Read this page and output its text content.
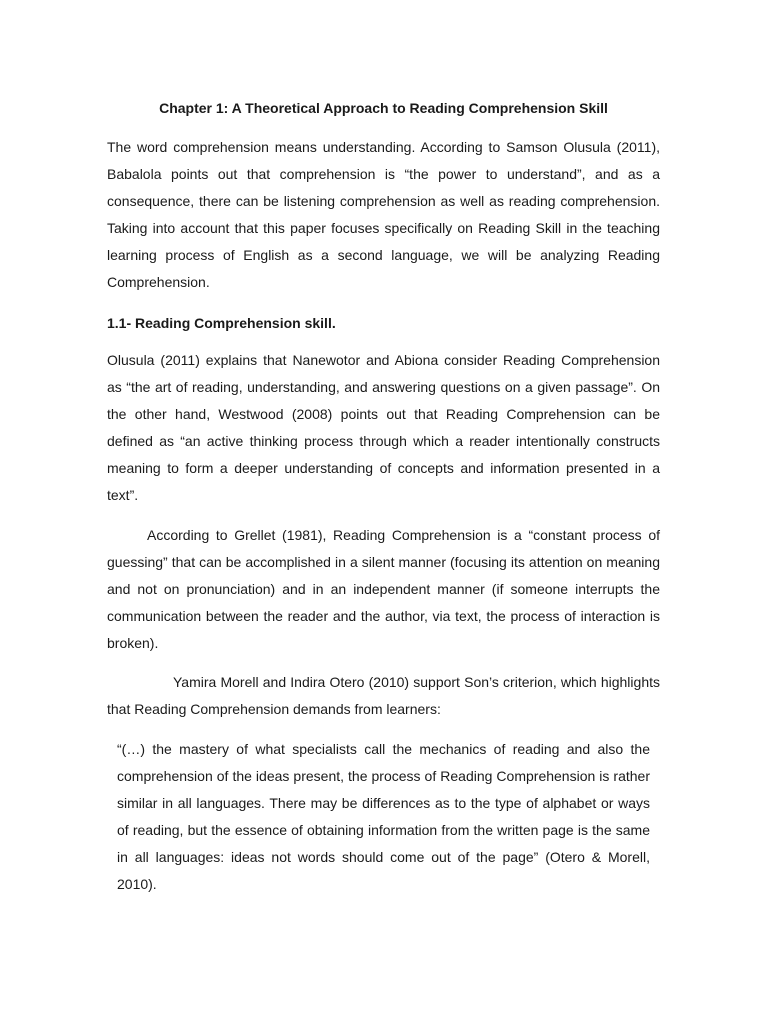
Chapter 1: A Theoretical Approach to Reading Comprehension Skill

The word comprehension means understanding. According to Samson Olusula (2011), Babalola points out that comprehension is “the power to understand”, and as a consequence, there can be listening comprehension as well as reading comprehension. Taking into account that this paper focuses specifically on Reading Skill in the teaching learning process of English as a second language, we will be analyzing Reading Comprehension.

1.1- Reading Comprehension skill.

Olusula (2011) explains that Nanewotor and Abiona consider Reading Comprehension as “the art of reading, understanding, and answering questions on a given passage”. On the other hand, Westwood (2008) points out that Reading Comprehension can be defined as “an active thinking process through which a reader intentionally constructs meaning to form a deeper understanding of concepts and information presented in a text”.

According to Grellet (1981), Reading Comprehension is a “constant process of guessing” that can be accomplished in a silent manner (focusing its attention on meaning and not on pronunciation) and in an independent manner (if someone interrupts the communication between the reader and the author, via text, the process of interaction is broken).

Yamira Morell and Indira Otero (2010) support Son’s criterion, which highlights that Reading Comprehension demands from learners:

“(…) the mastery of what specialists call the mechanics of reading and also the comprehension of the ideas present, the process of Reading Comprehension is rather similar in all languages. There may be differences as to the type of alphabet or ways of reading, but the essence of obtaining information from the written page is the same in all languages: ideas not words should come out of the page” (Otero & Morell, 2010).
